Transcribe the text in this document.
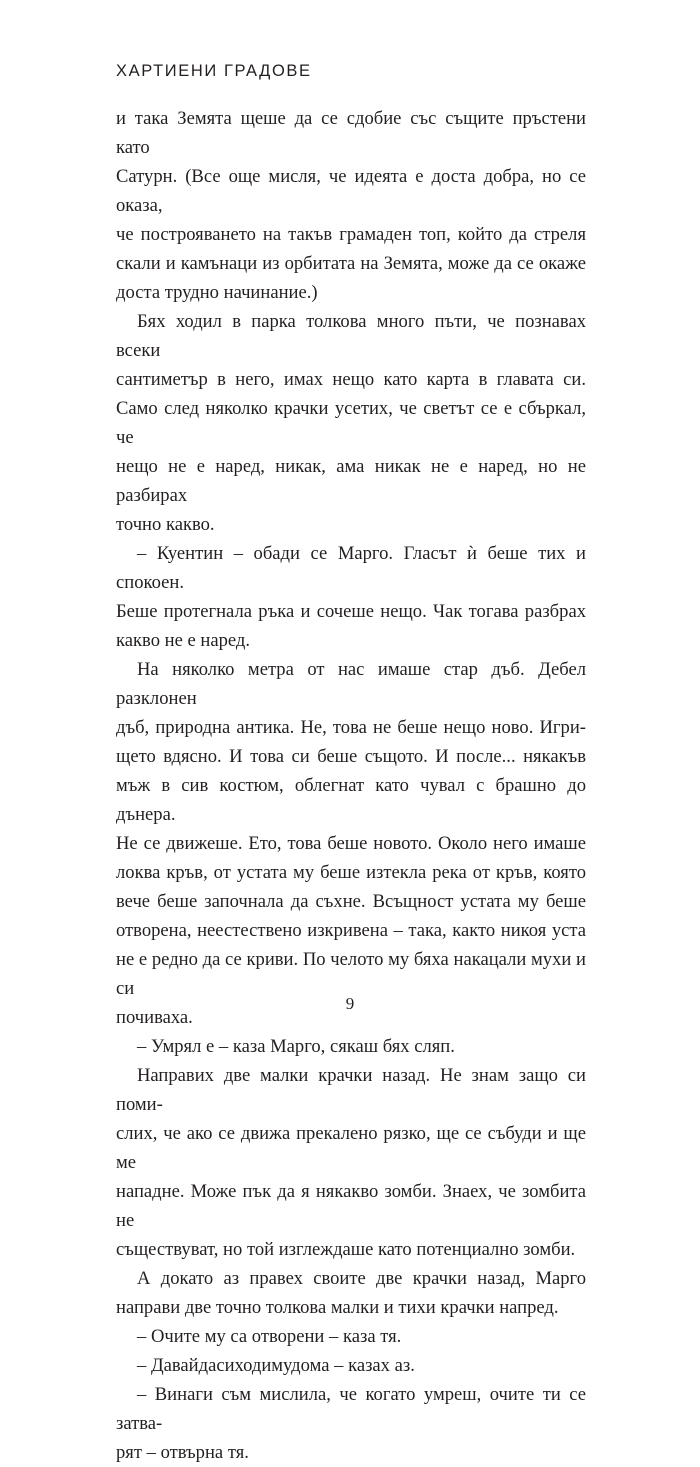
ХАРТИЕНИ ГРАДОВЕ

и така Земята щеше да се сдобие със същите пръстени като

Сатурн. (Все още мисля, че идеята е доста добра, но се оказа,

че построяването на такъв грамаден топ, който да стреля

скали и камънаци из орбитата на Земята, може да се окаже

доста трудно начинание.)

Бях ходил в парка толкова много пъти, че познавах всеки

сантиметър в него, имах нещо като карта в главата си.

Само след няколко крачки усетих, че светът се е сбъркал, че

нещо не е наред, никак, ама никак не е наред, но не разбирах

точно какво.

– Куентин – обади се Марго. Гласът ѝ беше тих и спокоен.

Беше протегнала ръка и сочеше нещо. Чак тогава разбрах

какво не е наред.

На няколко метра от нас имаше стар дъб. Дебел разклонен

дъб, природна антика. Не, това не беше нещо ново. Игри-

щето вдясно. И това си беше същото. И после... някакъв

мъж в сив костюм, облегнат като чувал с брашно до дънера.

Не се движеше. Ето, това беше новото. Около него имаше

локва кръв, от устата му беше изтекла река от кръв, която

вече беше започнала да съхне. Всъщност устата му беше

отворена, неестествено изкривена – така, както никоя уста

не е редно да се криви. По челото му бяха накацали мухи и си

почиваха.

– Умрял е – каза Марго, сякаш бях сляп.

Направих две малки крачки назад. Не знам защо си поми-

слих, че ако се движа прекалено рязко, ще се събуди и ще ме

нападне. Може пък да я някакво зомби. Знаех, че зомбита не

съществуват, но той изглеждаше като потенциално зомби.

А докато аз правех своите две крачки назад, Марго

направи две точно толкова малки и тихи крачки напред.

– Очите му са отворени – каза тя.

– Давайдасиходимудома – казах аз.

– Винаги съм мислила, че когато умреш, очите ти се затва-

рят – отвърна тя.

9
